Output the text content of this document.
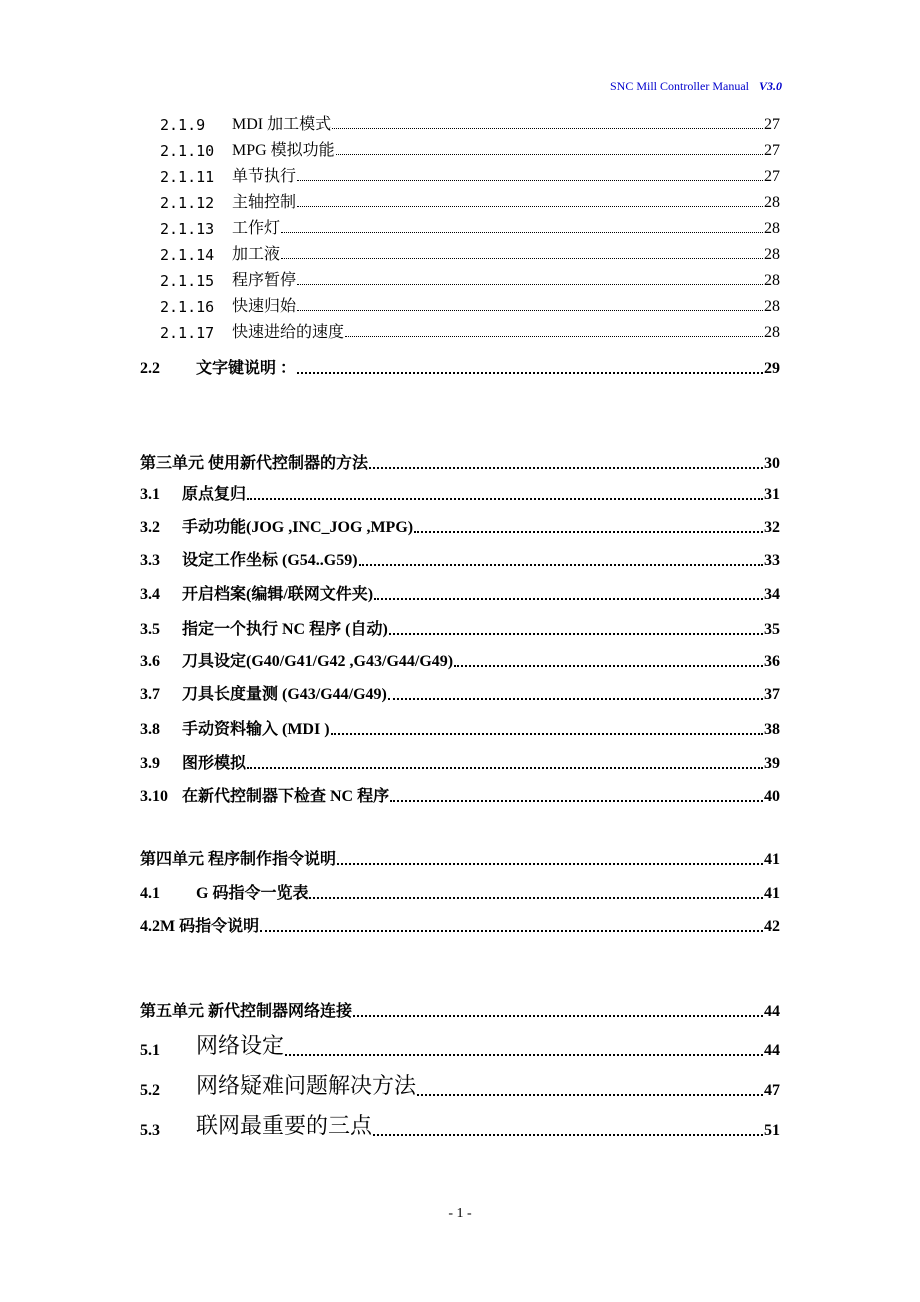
SNC Mill Controller Manual V3.0
2.1.9	MDI 加工模式	27
2.1.10	MPG 模拟功能	27
2.1.11	单节执行	27
2.1.12	主轴控制	28
2.1.13	工作灯	28
2.1.14	加工液	28
2.1.15	程序暂停	28
2.1.16	快速归始	28
2.1.17	快速进给的速度	28
2.2	文字键说明 ：	29
第三单元 使用新代控制器的方法	30
3.1	原点复归	31
3.2	手动功能(JOG ,INC_JOG ,MPG)	32
3.3	设定工作坐标 (G54..G59)	33
3.4	开启档案(编辑/联网文件夹)	34
3.5	指定一个执行 NC 程序 (自动)	35
3.6	刀具设定(G40/G41/G42 ,G43/G44/G49)	36
3.7	刀具长度量测 (G43/G44/G49)	37
3.8	手动资料输入 (MDI )	38
3.9	图形模拟	39
3.10 在新代控制器下检查 NC 程序	40
第四单元 程序制作指令说明	41
4.1	G 码指令一览表	41
4.2M 码指令说明	42
第五单元 新代控制器网络连接	44
5.1	网络设定	44
5.2	网络疑难问题解决方法	47
5.3	联网最重要的三点	51
- 1 -
